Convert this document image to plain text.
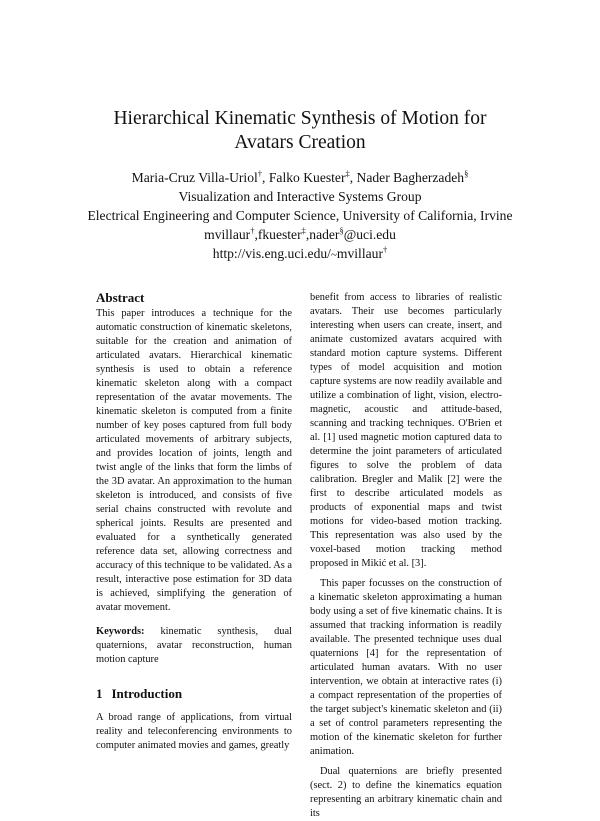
Hierarchical Kinematic Synthesis of Motion for
Avatars Creation
Maria-Cruz Villa-Uriol†, Falko Kuester‡, Nader Bagherzadeh§
Visualization and Interactive Systems Group
Electrical Engineering and Computer Science, University of California, Irvine
mvillaur†,fkuester‡,nader§@uci.edu
http://vis.eng.uci.edu/~mvillaur†
Abstract

This paper introduces a technique for the automatic construction of kinematic skeletons, suitable for the creation and animation of articulated avatars. Hierarchical kinematic synthesis is used to obtain a reference kinematic skeleton along with a compact representation of the avatar movements. The kinematic skeleton is computed from a finite number of key poses captured from full body articulated movements of arbitrary subjects, and provides location of joints, length and twist angle of the links that form the limbs of the 3D avatar. An approximation to the human skeleton is introduced, and consists of five serial chains constructed with revolute and spherical joints. Results are presented and evaluated for a synthetically generated reference data set, allowing correctness and accuracy of this technique to be validated. As a result, interactive pose estimation for 3D data is achieved, simplifying the generation of avatar movement.

Keywords: kinematic synthesis, dual quaternions, avatar reconstruction, human motion capture

1 Introduction

A broad range of applications, from virtual reality and teleconferencing environments to computer animated movies and games, greatly

benefit from access to libraries of realistic avatars. Their use becomes particularly interesting when users can create, insert, and animate customized avatars acquired with standard motion capture systems. Different types of model acquisition and motion capture systems are now readily available and utilize a combination of light, vision, electro-magnetic, acoustic and attitude-based, scanning and tracking techniques. O'Brien et al. [1] used magnetic motion captured data to determine the joint parameters of articulated figures to solve the problem of data calibration. Bregler and Malik [2] were the first to describe articulated models as products of exponential maps and twist motions for video-based motion tracking. This representation was also used by the voxel-based motion tracking method proposed in Mikić et al. [3].

This paper focusses on the construction of a kinematic skeleton approximating a human body using a set of five kinematic chains. It is assumed that tracking information is readily available. The presented technique uses dual quaternions [4] for the representation of articulated human avatars. With no user intervention, we obtain at interactive rates (i) a compact representation of the properties of the target subject's kinematic skeleton and (ii) a set of control parameters representing the motion of the kinematic skeleton for further animation.

Dual quaternions are briefly presented (sect. 2) to define the kinematics equation representing an arbitrary kinematic chain and its
